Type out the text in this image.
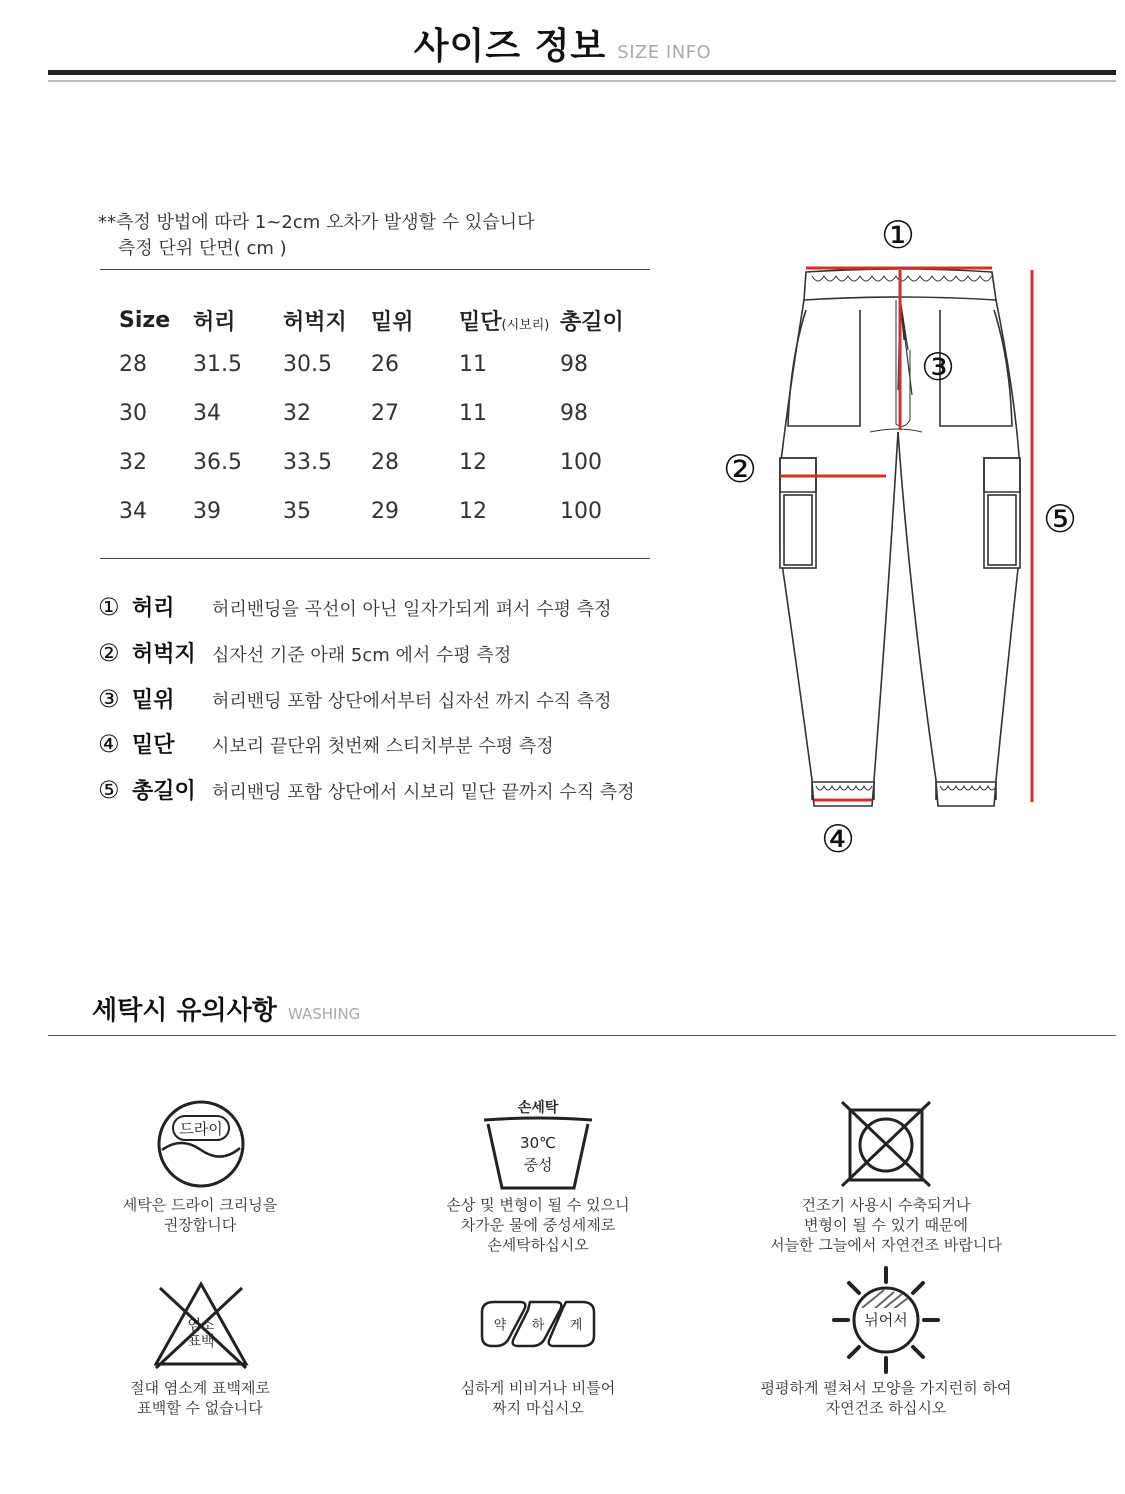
사이즈 정보 SIZE INFO
**측정 방법에 따라 1~2cm 오차가 발생할 수 있습니다
측정 단위 단면( cm )
Size	허리	허벅지	밑위	밑단(시보리)	총길이
28	31.5	30.5	26	11	98
30	34	32	27	11	98
32	36.5	33.5	28	12	100
34	39	35	29	12	100
① 허리 허리밴딩을 곡선이 아닌 일자가되게 펴서 수평 측정
② 허벅지 십자선 기준 아래 5cm 에서 수평 측정
③ 밑위 허리밴딩 포함 상단에서부터 십자선 까지 수직 측정
④ 밑단 시보리 끝단위 첫번째 스티치부분 수평 측정
⑤ 총길이 허리밴딩 포함 상단에서 시보리 밑단 끝까지 수직 측정
①
③
②
⑤
④
세탁시 유의사항 WASHING
드라이
세탁은 드라이 크리닝을
권장합니다
손세탁
30℃
중성
손상 및 변형이 될 수 있으니
차가운 물에 중성세제로
손세탁하십시오
건조기 사용시 수축되거나
변형이 될 수 있기 때문에
서늘한 그늘에서 자연건조 바랍니다
염소
표백
절대 염소계 표백제로
표백할 수 없습니다
약 하 게
심하게 비비거나 비틀어
짜지 마십시오
뉘어서
평평하게 펼쳐서 모양을 가지런히 하여
자연건조 하십시오
